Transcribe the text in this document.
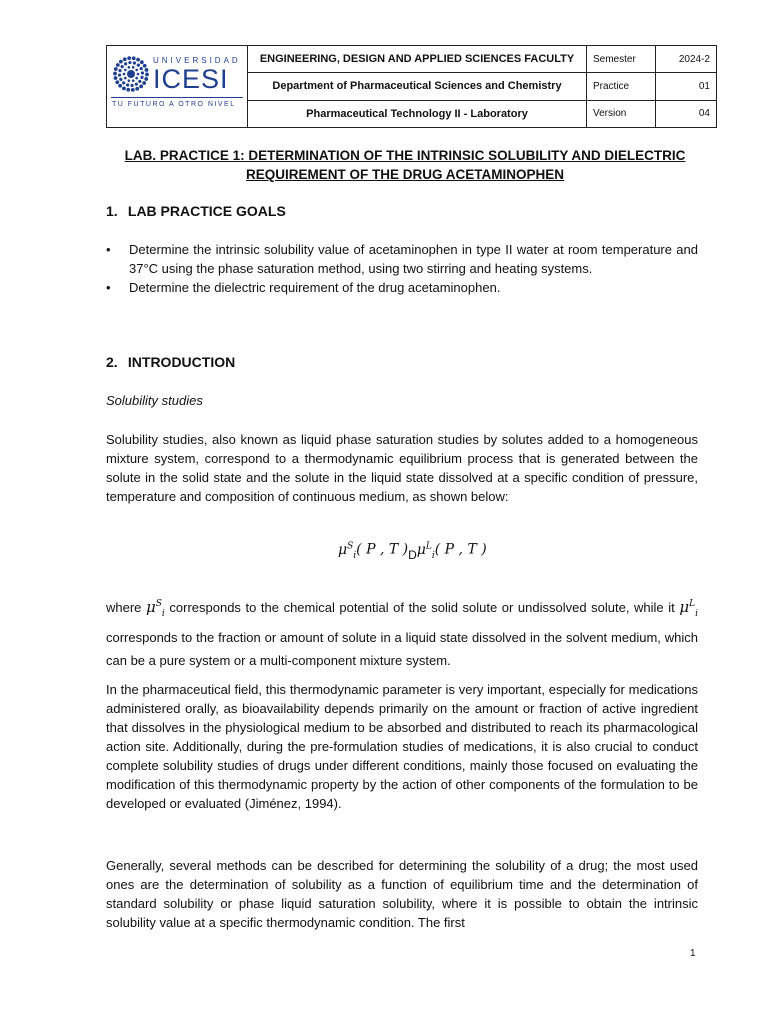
UNIVERSIDAD
ICESI
TU FUTURO A OTRO NIVEL	ENGINEERING, DESIGN AND APPLIED SCIENCES FACULTY	Semester	2024-2
	Department of Pharmaceutical Sciences and Chemistry	Practice	01
	Pharmaceutical Technology II - Laboratory	Version	04
LAB. PRACTICE 1: DETERMINATION OF THE INTRINSIC SOLUBILITY AND DIELECTRIC
REQUIREMENT OF THE DRUG ACETAMINOPHEN
1. LAB PRACTICE GOALS
• Determine the intrinsic solubility value of acetaminophen in type II water at room temperature and 37°C using the phase saturation method, using two stirring and heating systems.
• Determine the dielectric requirement of the drug acetaminophen.
2. INTRODUCTION
Solubility studies

Solubility studies, also known as liquid phase saturation studies by solutes added to a homogeneous mixture system, correspond to a thermodynamic equilibrium process that is generated between the solute in the solid state and the solute in the liquid state dissolved at a specific condition of pressure, temperature and composition of continuous medium, as shown below:

$\mu^S_i$( P , T )$D\mu^L_i$( P , T )

where $\mu^S_i$ corresponds to the chemical potential of the solid solute or undissolved solute, while it $\mu^L_i$ corresponds to the fraction or amount of solute in a liquid state dissolved in the solvent medium, which can be a pure system or a multi-component mixture system.

In the pharmaceutical field, this thermodynamic parameter is very important, especially for medications administered orally, as bioavailability depends primarily on the amount or fraction of active ingredient that dissolves in the physiological medium to be absorbed and distributed to reach its pharmacological action site. Additionally, during the pre-formulation studies of medications, it is also crucial to conduct complete solubility studies of drugs under different conditions, mainly those focused on evaluating the modification of this thermodynamic property by the action of other components of the formulation to be developed or evaluated (Jiménez, 1994).

Generally, several methods can be described for determining the solubility of a drug; the most used ones are the determination of solubility as a function of equilibrium time and the determination of standard solubility or phase liquid saturation solubility, where it is possible to obtain the intrinsic solubility value at a specific thermodynamic condition. The first

1
